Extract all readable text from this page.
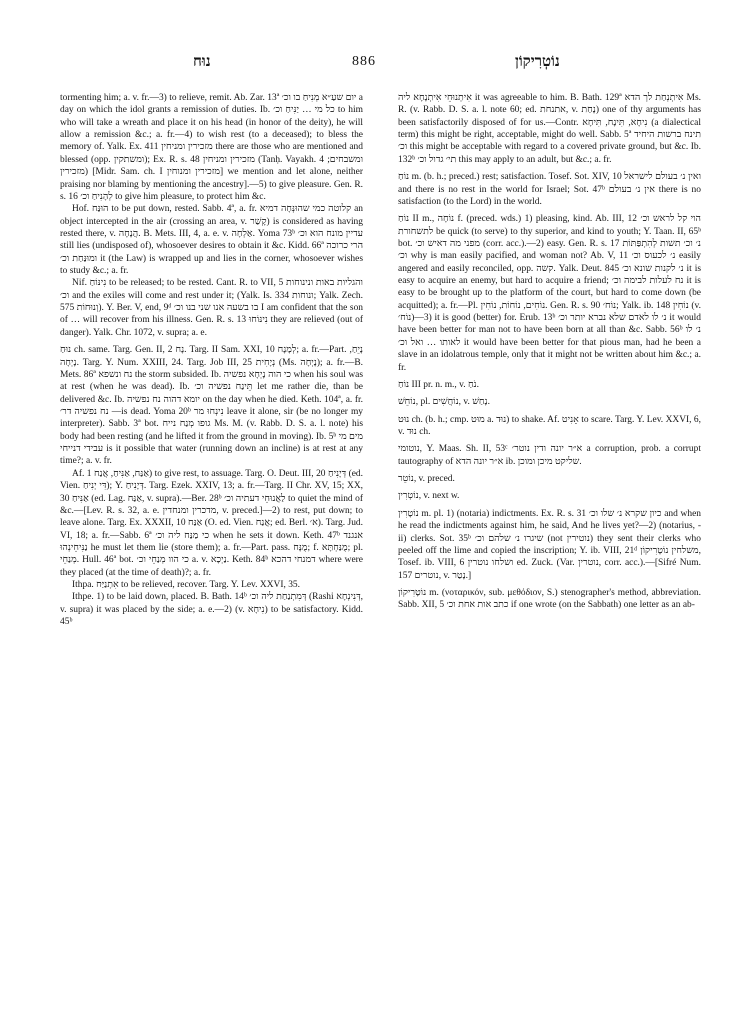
נוּח	886	נוֹטְרִיקוֹן

tormenting him; a. v. fr.—3) to relieve, remit. Ab. Zar. 13ª יום שעַ״א מְנִיחַ בו וכ׳ a day on which the idol grants a remission of duties. Ib. כל מי … יַנִּיחַ וכ׳ to him who will take a wreath and place it on his head (in honor of the deity), he will allow a remission &c.; a. fr.—4) to wish rest (to a deceased); to bless the memory of. Yalk. Ex. 411 מזכירין ומניחין there are those who are mentioned and blessed (opp. ומשתקין); Ex. R. s. 48 מזכירין ומניחין (Tanḥ. Vayakh. 4 ומשבחים; מזכירין) [Midr. Sam. ch. I מזכירין ומנוחין] we mention and let alone, neither praising nor blaming by mentioning the ancestry].—5) to give pleasure. Gen. R. s. 16 לְהָנִיחַ וכ׳ to give him pleasure, to protect him &c.

Hof. הוּנַּח to be put down, rested. Sabb. 4ª, a. fr. קלוטה כמי שהוּנְּחָה דמיא an object intercepted in the air (crossing an area, v. קָשַׁר) is considered as having rested there, v. הֲנָחָה. B. Mets. III, 4, a. e. v. אַלְחָה. Yoma 73ᵇ עדיין מונח הוא וכ׳ still lies (undisposed of), whosoever desires to obtain it &c. Kidd. 66ª הרי כרוכה ומוּנַּחַת וכ׳ it (the Law) is wrapped up and lies in the corner, whosoever wishes to study &c.; a. fr.

Nif. נִינּוֹחַ to be released; to be rested. Cant. R. to VII, 5 והגליות באות ונינוחות וכ׳ and the exiles will come and rest under it; (Yalk. Is. 334 ונוחות; Yalk. Zech. 575 וְנוּחוֹת). Y. Ber. V, end, 9ᵈ בו בשעה אנו שני בנו וכ׳ I am confident that the son of … will recover from his illness. Gen. R. s. 13 נִינּוֹחוּ they are relieved (out of danger). Yalk. Chr. 1072, v. supra; a. e.

נוּחַ ch. same. Targ. Gen. II, 2 נָח. Targ. II Sam. XXI, 10 לְמָנָח; a. fr.—Part. נָיֵחַ, נָיְחָה. Targ. Y. Num. XXIII, 24. Targ. Job III, 25 נְיָחִית (Ms. נָיְחָה); a. fr.—B. Mets. 86ª נח ונשפא the storm subsided. Ib. כי הוה נָיְחָא נפשיה when his soul was at rest (when he was dead). Ib. תֵּינַח נפשיה וכ׳ let me rather die, than be delivered &c. Ib. יומא דהוה נח נפשיה on the day when he died. Keth. 104ª, a. fr. נח נפשיה דר׳ —is dead. Yoma 20ᵇ נִינְחוּ מר leave it alone, sir (be no longer my interpreter). Sabb. 3ª bot. גופו מְנַח נייח Ms. M. (v. Rabb. D. S. a. l. note) his body had been resting (and he lifted it from the ground in moving). Ib. 5ᵇ מים מי עבידי דנייחי is it possible that water (running down an incline) is at rest at any time?; a. v. fr.

Af. אַנַּח, אַנִּיחַ, אֲנַח 1) to give rest, to assuage. Targ. O. Deut. III, 20 דְּיָנִיחַ (ed. Vien. דִּי יְנִיחַ); Y. דְּיָנִיחַ. Targ. Ezek. XXIV, 13; a. fr.—Targ. II Chr. XV, 15; XX, 30 אַנִּיחַ (ed. Lag. אַנַּח, v. supra).—Ber. 28ᵇ לַאֲנוּחֵי דעתיה וכ׳ to quiet the mind of &c.—[Lev. R. s. 32, a. e. מדכרין ומנחדין, v. preced.]—2) to rest, put down; to leave alone. Targ. Ex. XXXII, 10 אַנַּח (O. ed. Vien. אֲנַח; ed. Berl. א׳). Targ. Jud. VI, 18; a. fr.—Sabb. 6ª כי מַנַּח ליה וכ׳ when he sets it down. Keth. 47ᵇ אנגנד נַנִּיחֵינְהוּ he must let them lie (store them); a. fr.—Part. pass. מֻנָּח; f. מֻנַּחְתָּא; pl. מְנַחֵי. Hull. 46ª bot. כי הוו מְנַחֵי וכ׳ a. v. נַיְכָא. Keth. 84ᵇ דמנחי דהכא where were they placed (at the time of death)?; a. fr.

Ithpa. אִתְנַיַּח to be relieved, recover. Targ. Y. Lev. XXVI, 35.

Ithpe. 1) to be laid down, placed. B. Bath. 14ᵇ דְּמִתְנַחַת ליה וכ׳ (Rashi דְּנִינְחָא, v. supra) it was placed by the side; a. e.—2) (v. נִיחָא) to be satisfactory. Kidd. 45ᵇ

אִיתְנוּחֵי אִיתְנָחָא ליה it was agreeable to him. B. Bath. 129ª אִיתְנְחַת לך הדא Ms. R. (v. Rabb. D. S. a. l. note 60; ed. אתנחת, v. נָחַת) one of thy arguments has been satisfactorily disposed of for us.—Contr. נִיחָא, תִּינָח, תִּיחָא (a dialectical term) this might be right, acceptable, might do well. Sabb. 5ª תינח ברשות היחיד וכ׳ this might be acceptable with regard to a covered private ground, but &c. Ib. 132ᵇ תי׳ גדול וכ׳ this may apply to an adult, but &c.; a. fr.

נוֹחַ m. (b. h.; preced.) rest; satisfaction. Tosef. Sot. XIV, 10 ואין נ׳ בעולם לישראל and there is no rest in the world for Israel; Sot. 47ᵇ אין נ׳ בעולם there is no satisfaction (to the Lord) in the world.

נוֹחַ II m., נוֹחָה f. (preced. wds.) 1) pleasing, kind. Ab. III, 12 הוי קל לראש וכ׳ לתשחורת be quick (to serve) to thy superior, and kind to youth; Y. Taan. II, 65ᵇ bot. מפני מה דאיש וכ׳ (corr. acc.).—2) easy. Gen. R. s. 17 נ׳ וכ׳ תשות לְהִתְפַּתּוֹת וכ׳ why is man easily pacified, and woman not? Ab. V, 11 נ׳ לכעוס וכ׳ easily angered and easily reconciled, opp. קשה. Yalk. Deut. 845 נ׳ לקנות שונא וכ׳ it is easy to acquire an enemy, but hard to acquire a friend; נח לעלות לבימה וכ׳ it is easy to be brought up to the platform of the court, but hard to come down (be acquitted); a. fr.—Pl. נוֹחִים, נוֹחוֹת, נוֹחִין. Gen. R. s. 90 נוֹח׳; Yalk. ib. 148 נוֹחִין (v. נוֹח׳)—3) it is good (better) for. Erub. 13ᵇ נ׳ לו לאדם שלא נברא יותר וכ׳ it would have been better for man not to have been born at all than &c. Sabb. 56ᵇ נ׳ לו לאותו … ואל וכ׳ it would have been better for that pious man, had he been a slave in an idolatrous temple, only that it might not be written about him &c.; a. fr.

נוֹחַ III pr. n. m., v. נֹחַ.

נוֹחֵשׁ, pl. נוֹחֲשִׁים, v. נָחַשׁ.

נוּט ch. (b. h.; cmp. מוּט a. נוּד) to shake. Af. אָנִיט to scare. Targ. Y. Lev. XXVI, 6, v. נוּד ch.

נוטומי, Y. Maas. Sh. II, 53ᶜ א״ר יונה ודין נוטר׳ a corruption, prob. a corrupt tautography of א״ר יונה הדא ib. שליקט מיכן ומוכן.

נוֹטֵר, v. preced.

נוֹטְרִין, v. next w.

נוֹטָרִין m. pl. 1) (notaria) indictments. Ex. R. s. 31 כיון שקרא נ׳ שלו וכ׳ and when he read the indictments against him, he said, And he lives yet?—2) (notarius, -ii) clerks. Sot. 35ᵇ שיגרו נ׳ שלהם וכ׳ (not נוטירין) they sent their clerks who peeled off the lime and copied the inscription; Y. ib. VIII, 21ᵈ משלחין נוֹטָרִיקוֹן, Tosef. ib. VIII, 6 ושלחו נוטרין ed. Zuck. (Var. נוטרין, corr. acc.).—[Sifré Num. 157 נוטרים, v. נָטַר.]

נוֹטָרִיקוֹן m. (νοταρικόν, sub. μεθόδιον, S.) stenographer's method, abbreviation. Sabb. XII, 5 כתב אות אחת וכ׳ if one wrote (on the Sabbath) one letter as an ab-
